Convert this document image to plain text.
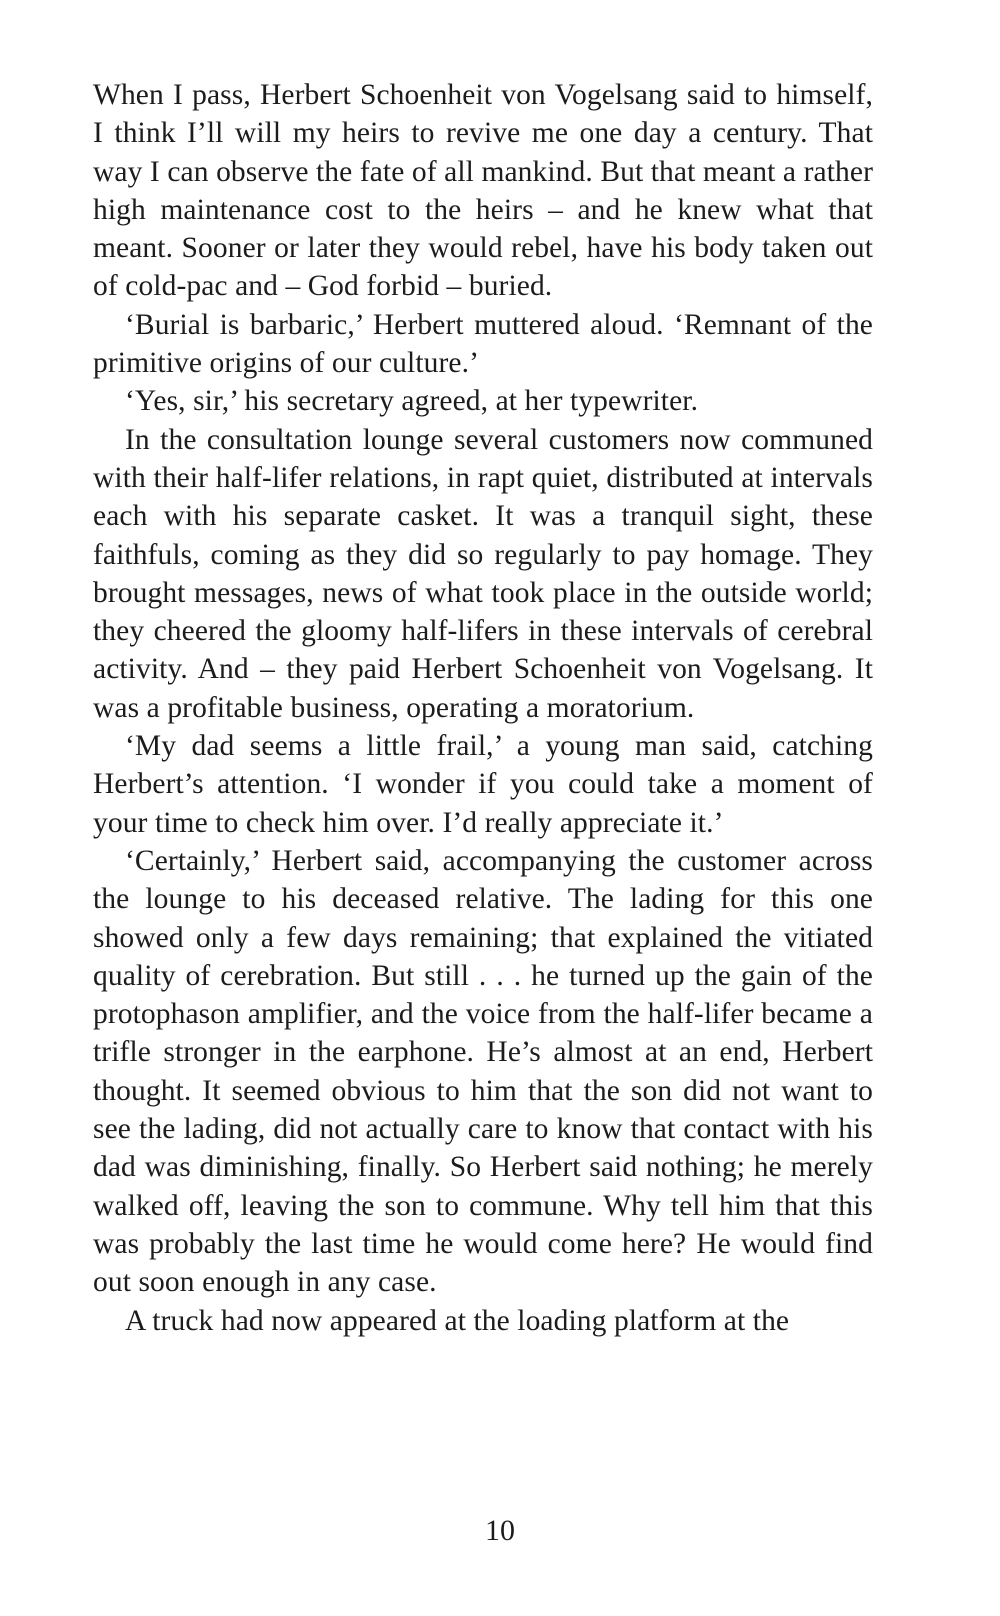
When I pass, Herbert Schoenheit von Vogelsang said to himself, I think I’ll will my heirs to revive me one day a century. That way I can observe the fate of all mankind. But that meant a rather high maintenance cost to the heirs – and he knew what that meant. Sooner or later they would rebel, have his body taken out of cold-pac and – God forbid – buried.

‘Burial is barbaric,’ Herbert muttered aloud. ‘Remnant of the primitive origins of our culture.’

‘Yes, sir,’ his secretary agreed, at her typewriter.

In the consultation lounge several customers now communed with their half-lifer relations, in rapt quiet, distributed at intervals each with his separate casket. It was a tranquil sight, these faithfuls, coming as they did so regularly to pay homage. They brought messages, news of what took place in the outside world; they cheered the gloomy half-lifers in these intervals of cerebral activity. And – they paid Herbert Schoenheit von Vogelsang. It was a profitable business, operating a moratorium.

‘My dad seems a little frail,’ a young man said, catching Herbert’s attention. ‘I wonder if you could take a moment of your time to check him over. I’d really appreciate it.’

‘Certainly,’ Herbert said, accompanying the customer across the lounge to his deceased relative. The lading for this one showed only a few days remaining; that explained the vitiated quality of cerebration. But still . . . he turned up the gain of the protophason amplifier, and the voice from the half-lifer became a trifle stronger in the earphone. He’s almost at an end, Herbert thought. It seemed obvious to him that the son did not want to see the lading, did not actually care to know that contact with his dad was diminishing, finally. So Herbert said nothing; he merely walked off, leaving the son to commune. Why tell him that this was probably the last time he would come here? He would find out soon enough in any case.

A truck had now appeared at the loading platform at the

10
